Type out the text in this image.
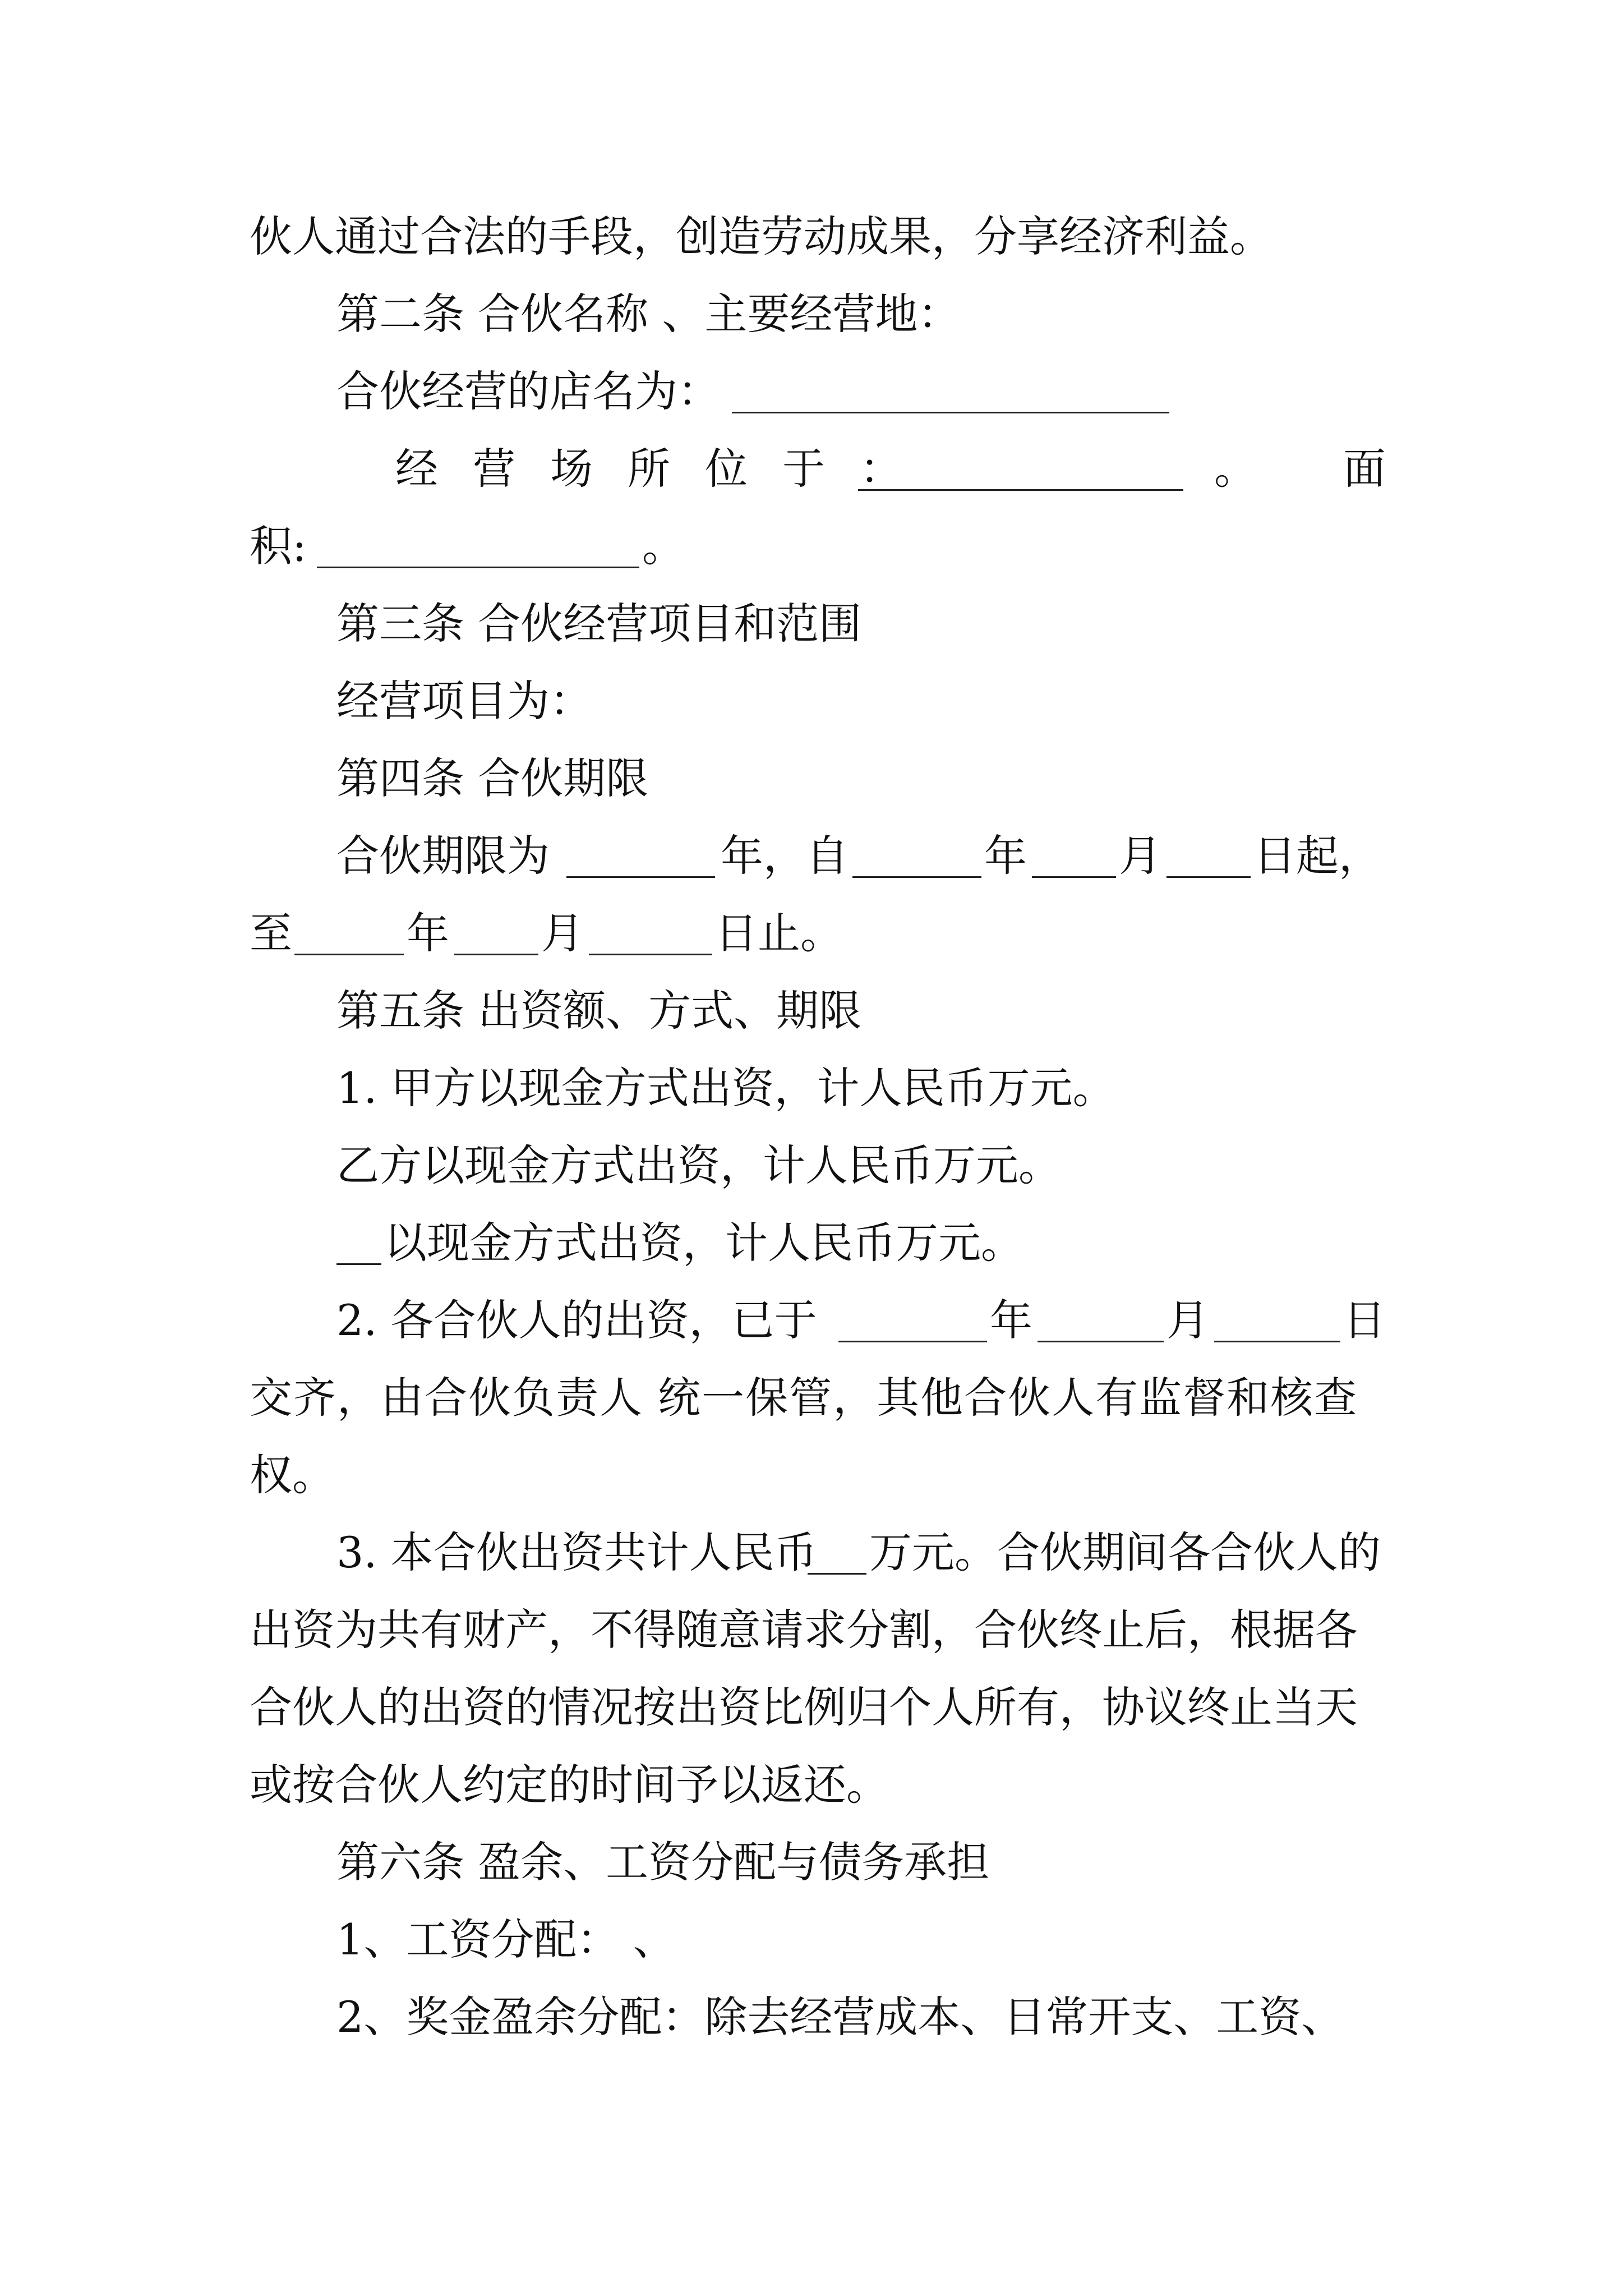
伙人通过合法的手段，创造劳动成果，分享经济利益。
第二条 合伙名称 、主要经营地：
合伙经营的店名为：
经营场所位于：	。 面
积:	。
第三条 合伙经营项目和范围
经营项目为：
第四条 合伙期限
合伙期限为	年，自	年 月 日起，
至	年 月	日止。
第五条 出资额、方式、期限
1. 甲方以现金方式出资，计人民币万元。
乙方以现金方式出资，计人民币万元。
以现金方式出资，计人民币万元。
2. 各合伙人的出资，已于	年	月	日
交齐，由合伙负责人 统一保管，其他合伙人有监督和核查
权。
3. 本合伙出资共计人民币 万元。合伙期间各合伙人的
出资为共有财产，不得随意请求分割，合伙终止后，根据各
合伙人的出资的情况按出资比例归个人所有，协议终止当天
或按合伙人约定的时间予以返还。
第六条 盈余、工资分配与债务承担
1、工资分配： 、
2、奖金盈余分配：除去经营成本、日常开支、工资、
